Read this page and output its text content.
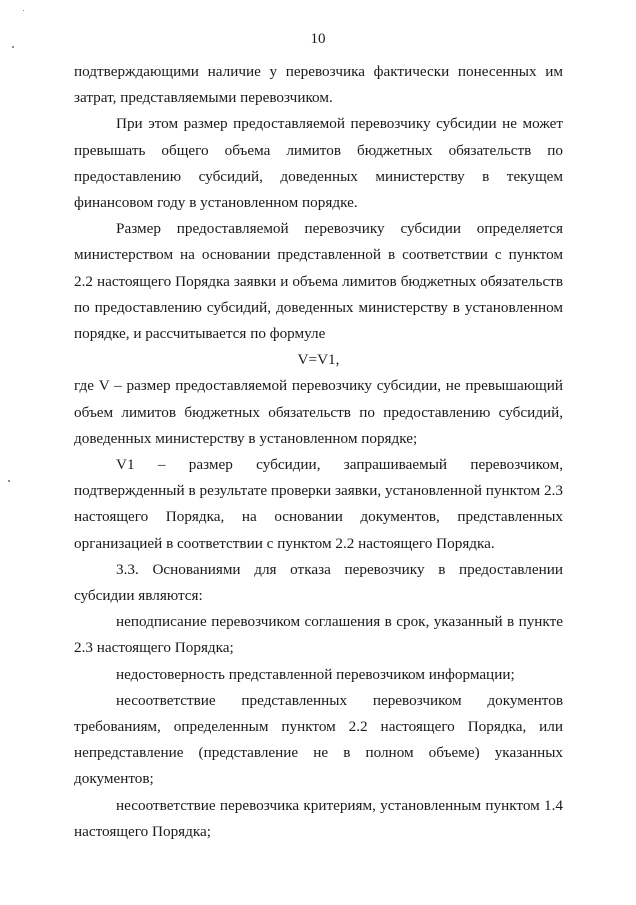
10

подтверждающими наличие у перевозчика фактически понесенных им затрат, представляемыми перевозчиком.

При этом размер предоставляемой перевозчику субсидии не может превышать общего объема лимитов бюджетных обязательств по предоставлению субсидий, доведенных министерству в текущем финансовом году в установленном порядке.

Размер предоставляемой перевозчику субсидии определяется министерством на основании представленной в соответствии с пунктом 2.2 настоящего Порядка заявки и объема лимитов бюджетных обязательств по предоставлению субсидий, доведенных министерству в установленном порядке, и рассчитывается по формуле

V=V1,

где V – размер предоставляемой перевозчику субсидии, не превышающий объем лимитов бюджетных обязательств по предоставлению субсидий, доведенных министерству в установленном порядке;

V1 – размер субсидии, запрашиваемый перевозчиком, подтвержденный в результате проверки заявки, установленной пунктом 2.3 настоящего Порядка, на основании документов, представленных организацией в соответствии с пунктом 2.2 настоящего Порядка.

3.3. Основаниями для отказа перевозчику в предоставлении субсидии являются:

неподписание перевозчиком соглашения в срок, указанный в пункте 2.3 настоящего Порядка;

недостоверность представленной перевозчиком информации;

несоответствие представленных перевозчиком документов требованиям, определенным пунктом 2.2 настоящего Порядка, или непредставление (представление не в полном объеме) указанных документов;

несоответствие перевозчика критериям, установленным пунктом 1.4 настоящего Порядка;
